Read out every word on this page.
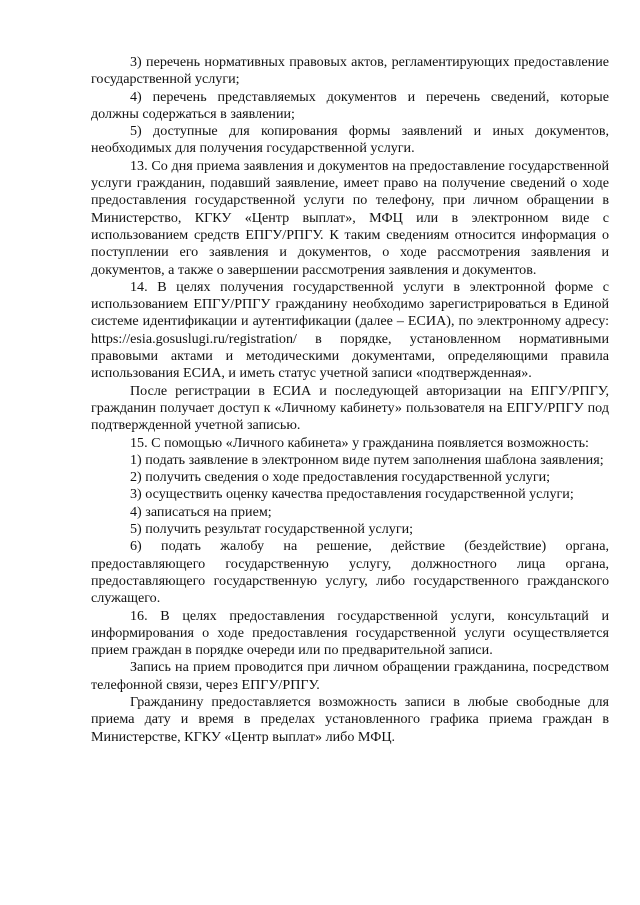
3) перечень нормативных правовых актов, регламентирующих предоставление государственной услуги;

4) перечень представляемых документов и перечень сведений, которые должны содержаться в заявлении;

5) доступные для копирования формы заявлений и иных документов, необходимых для получения государственной услуги.

13. Со дня приема заявления и документов на предоставление государственной услуги гражданин, подавший заявление, имеет право на получение сведений о ходе предоставления государственной услуги по телефону, при личном обращении в Министерство, КГКУ «Центр выплат», МФЦ или в электронном виде с использованием средств ЕПГУ/РПГУ. К таким сведениям относится информация о поступлении его заявления и документов, о ходе рассмотрения заявления и документов, а также о завершении рассмотрения заявления и документов.

14. В целях получения государственной услуги в электронной форме с использованием ЕПГУ/РПГУ гражданину необходимо зарегистрироваться в Единой системе идентификации и аутентификации (далее – ЕСИА), по электронному адресу: https://esia.gosuslugi.ru/registration/ в порядке, установленном нормативными правовыми актами и методическими документами, определяющими правила использования ЕСИА, и иметь статус учетной записи «подтвержденная».

После регистрации в ЕСИА и последующей авторизации на ЕПГУ/РПГУ, гражданин получает доступ к «Личному кабинету» пользователя на ЕПГУ/РПГУ под подтвержденной учетной записью.

15. С помощью «Личного кабинета» у гражданина появляется возможность:

1) подать заявление в электронном виде путем заполнения шаблона заявления;

2) получить сведения о ходе предоставления государственной услуги;

3) осуществить оценку качества предоставления государственной услуги;

4) записаться на прием;

5) получить результат государственной услуги;

6) подать жалобу на решение, действие (бездействие) органа, предоставляющего государственную услугу, должностного лица органа, предоставляющего государственную услугу, либо государственного гражданского служащего.

16. В целях предоставления государственной услуги, консультаций и информирования о ходе предоставления государственной услуги осуществляется прием граждан в порядке очереди или по предварительной записи.

Запись на прием проводится при личном обращении гражданина, посредством телефонной связи, через ЕПГУ/РПГУ.

Гражданину предоставляется возможность записи в любые свободные для приема дату и время в пределах установленного графика приема граждан в Министерстве, КГКУ «Центр выплат» либо МФЦ.
